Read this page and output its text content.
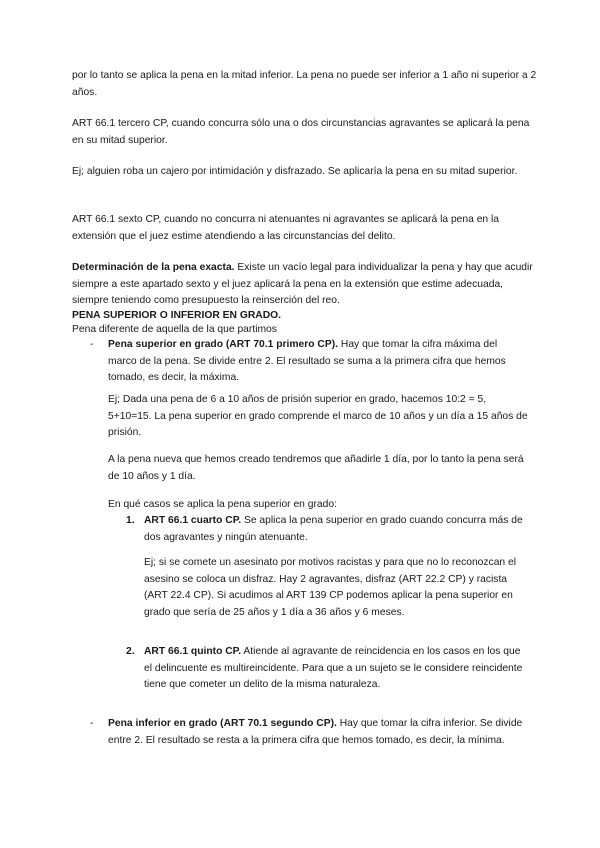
por lo tanto se aplica la pena en la mitad inferior. La pena no puede ser inferior a 1 año ni superior a 2 años.
ART 66.1 tercero CP, cuando concurra sólo una o dos circunstancias agravantes se aplicará la pena en su mitad superior.
Ej; alguien roba un cajero por intimidación y disfrazado. Se aplicaría la pena en su mitad superior.
ART 66.1 sexto CP, cuando no concurra ni atenuantes ni agravantes se aplicará la pena en la extensión que el juez estime atendiendo a las circunstancias del delito.
Determinación de la pena exacta. Existe un vacío legal para individualizar la pena y hay que acudir siempre a este apartado sexto y el juez aplicará la pena en la extensión que estime adecuada, siempre teniendo como presupuesto la reinserción del reo.
PENA SUPERIOR O INFERIOR EN GRADO.
Pena diferente de aquella de la que partimos
- Pena superior en grado (ART 70.1 primero CP). Hay que tomar la cifra máxima del marco de la pena. Se divide entre 2. El resultado se suma a la primera cifra que hemos tomado, es decir, la máxima.
Ej; Dada una pena de 6 a 10 años de prisión superior en grado, hacemos 10:2 = 5, 5+10=15. La pena superior en grado comprende el marco de 10 años y un día a 15 años de prisión.
A la pena nueva que hemos creado tendremos que añadirle 1 día, por lo tanto la pena será de 10 años y 1 día.
En qué casos se aplica la pena superior en grado:
1. ART 66.1 cuarto CP. Se aplica la pena superior en grado cuando concurra más de dos agravantes y ningún atenuante.
Ej; si se comete un asesinato por motivos racistas y para que no lo reconozcan el asesino se coloca un disfraz. Hay 2 agravantes, disfraz (ART 22.2 CP) y racista (ART 22.4 CP). Si acudimos al ART 139 CP podemos aplicar la pena superior en grado que sería de 25 años y 1 día a 36 años y 6 meses.
2. ART 66.1 quinto CP. Atiende al agravante de reincidencia en los casos en los que el delincuente es multireincidente. Para que a un sujeto se le considere reincidente tiene que cometer un delito de la misma naturaleza.
- Pena inferior en grado (ART 70.1 segundo CP). Hay que tomar la cifra inferior. Se divide entre 2. El resultado se resta a la primera cifra que hemos tomado, es decir, la mínima.
